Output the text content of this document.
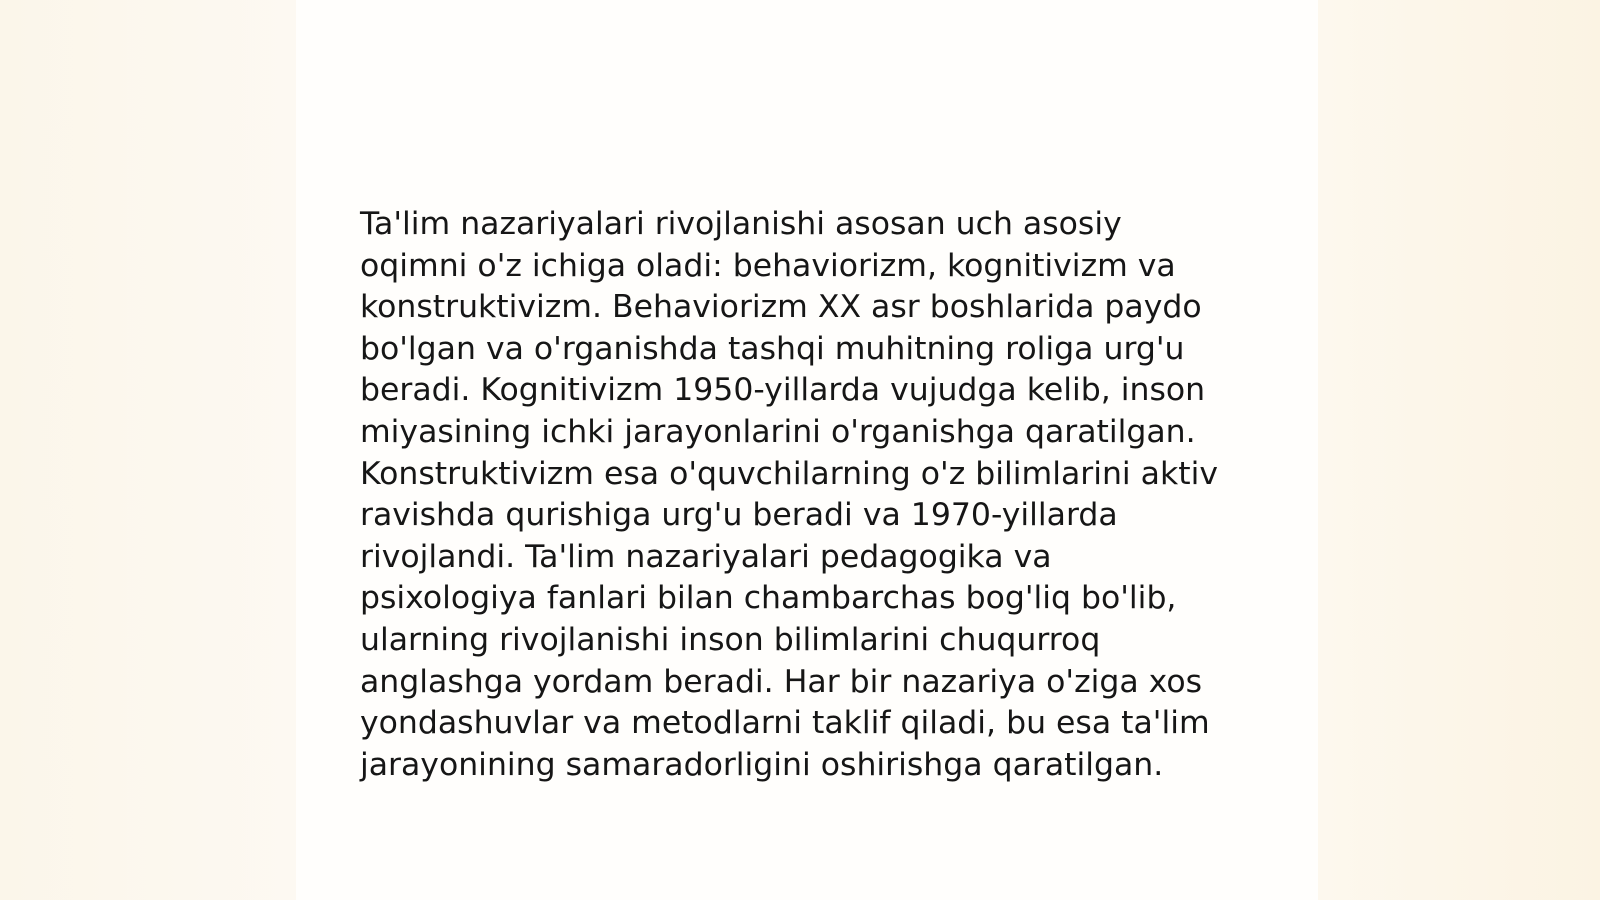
Ta'lim nazariyalari rivojlanishi asosan uch asosiy
oqimni o'z ichiga oladi: behaviorizm, kognitivizm va
konstruktivizm. Behaviorizm XX asr boshlarida paydo
bo'lgan va o'rganishda tashqi muhitning roliga urg'u
beradi. Kognitivizm 1950-yillarda vujudga kelib, inson
miyasining ichki jarayonlarini o'rganishga qaratilgan.
Konstruktivizm esa o'quvchilarning o'z bilimlarini aktiv
ravishda qurishiga urg'u beradi va 1970-yillarda
rivojlandi. Ta'lim nazariyalari pedagogika va
psixologiya fanlari bilan chambarchas bog'liq bo'lib,
ularning rivojlanishi inson bilimlarini chuqurroq
anglashga yordam beradi. Har bir nazariya o'ziga xos
yondashuvlar va metodlarni taklif qiladi, bu esa ta'lim
jarayonining samaradorligini oshirishga qaratilgan.
